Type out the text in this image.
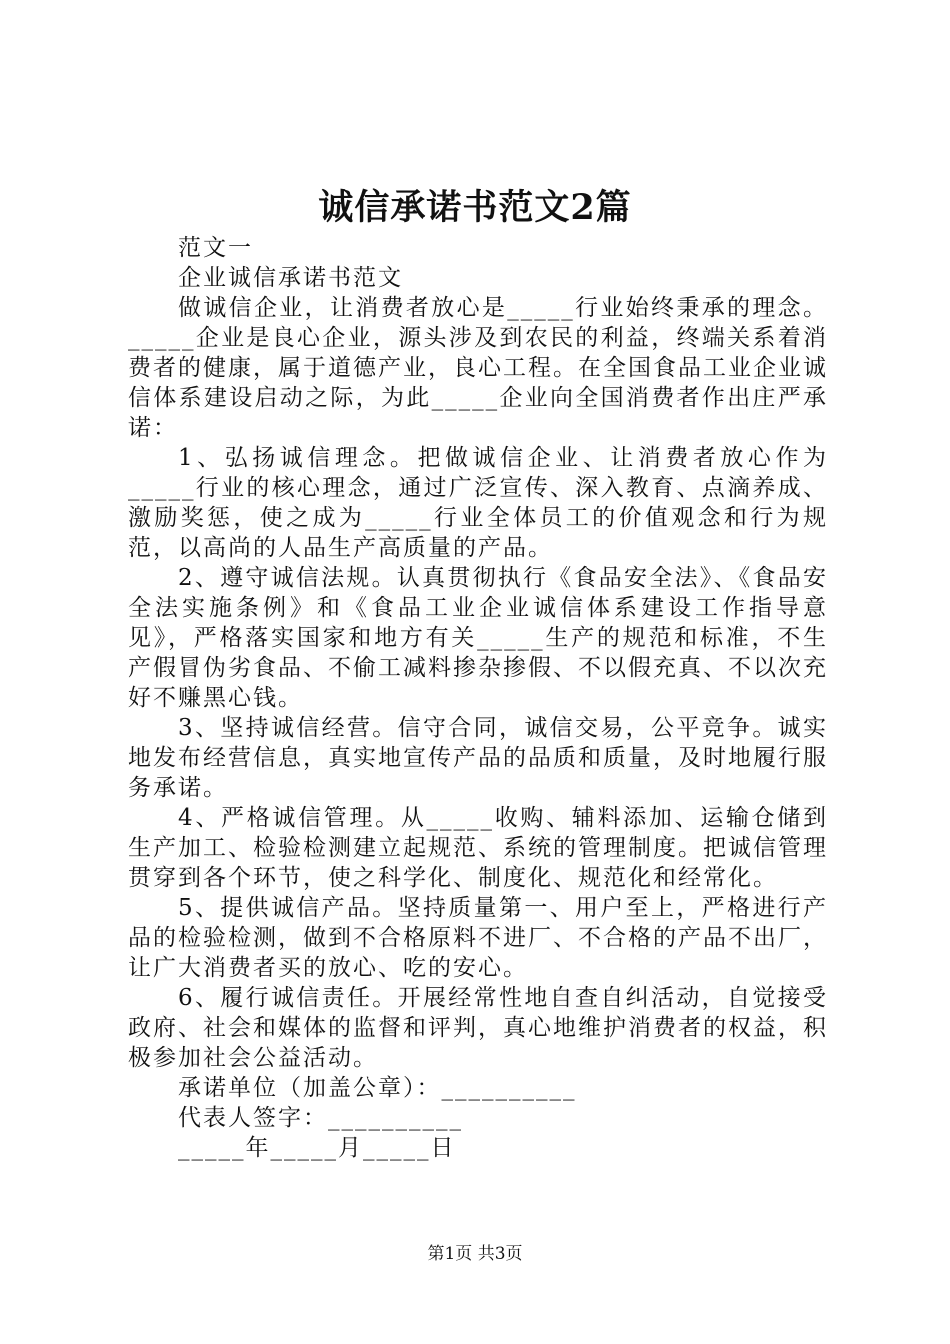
诚信承诺书范文2篇

范文一

企业诚信承诺书范文

做诚信企业，让消费者放心是_____行业始终秉承的理念。_____企业是良心企业，源头涉及到农民的利益，终端关系着消费者的健康，属于道德产业，良心工程。在全国食品工业企业诚信体系建设启动之际，为此_____企业向全国消费者作出庄严承诺：

1、弘扬诚信理念。把做诚信企业、让消费者放心作为_____行业的核心理念，通过广泛宣传、深入教育、点滴养成、激励奖惩，使之成为_____行业全体员工的价值观念和行为规范，以高尚的人品生产高质量的产品。

2、遵守诚信法规。认真贯彻执行《食品安全法》、《食品安全法实施条例》和《食品工业企业诚信体系建设工作指导意见》，严格落实国家和地方有关_____生产的规范和标准，不生产假冒伪劣食品、不偷工减料掺杂掺假、不以假充真、不以次充好不赚黑心钱。

3、坚持诚信经营。信守合同，诚信交易，公平竞争。诚实地发布经营信息，真实地宣传产品的品质和质量，及时地履行服务承诺。

4、严格诚信管理。从_____收购、辅料添加、运输仓储到生产加工、检验检测建立起规范、系统的管理制度。把诚信管理贯穿到各个环节，使之科学化、制度化、规范化和经常化。

5、提供诚信产品。坚持质量第一、用户至上，严格进行产品的检验检测，做到不合格原料不进厂、不合格的产品不出厂，让广大消费者买的放心、吃的安心。

6、履行诚信责任。开展经常性地自查自纠活动，自觉接受政府、社会和媒体的监督和评判，真心地维护消费者的权益，积极参加社会公益活动。

承诺单位（加盖公章）：__________

代表人签字：__________

_____年_____月_____日

第1页 共3页
